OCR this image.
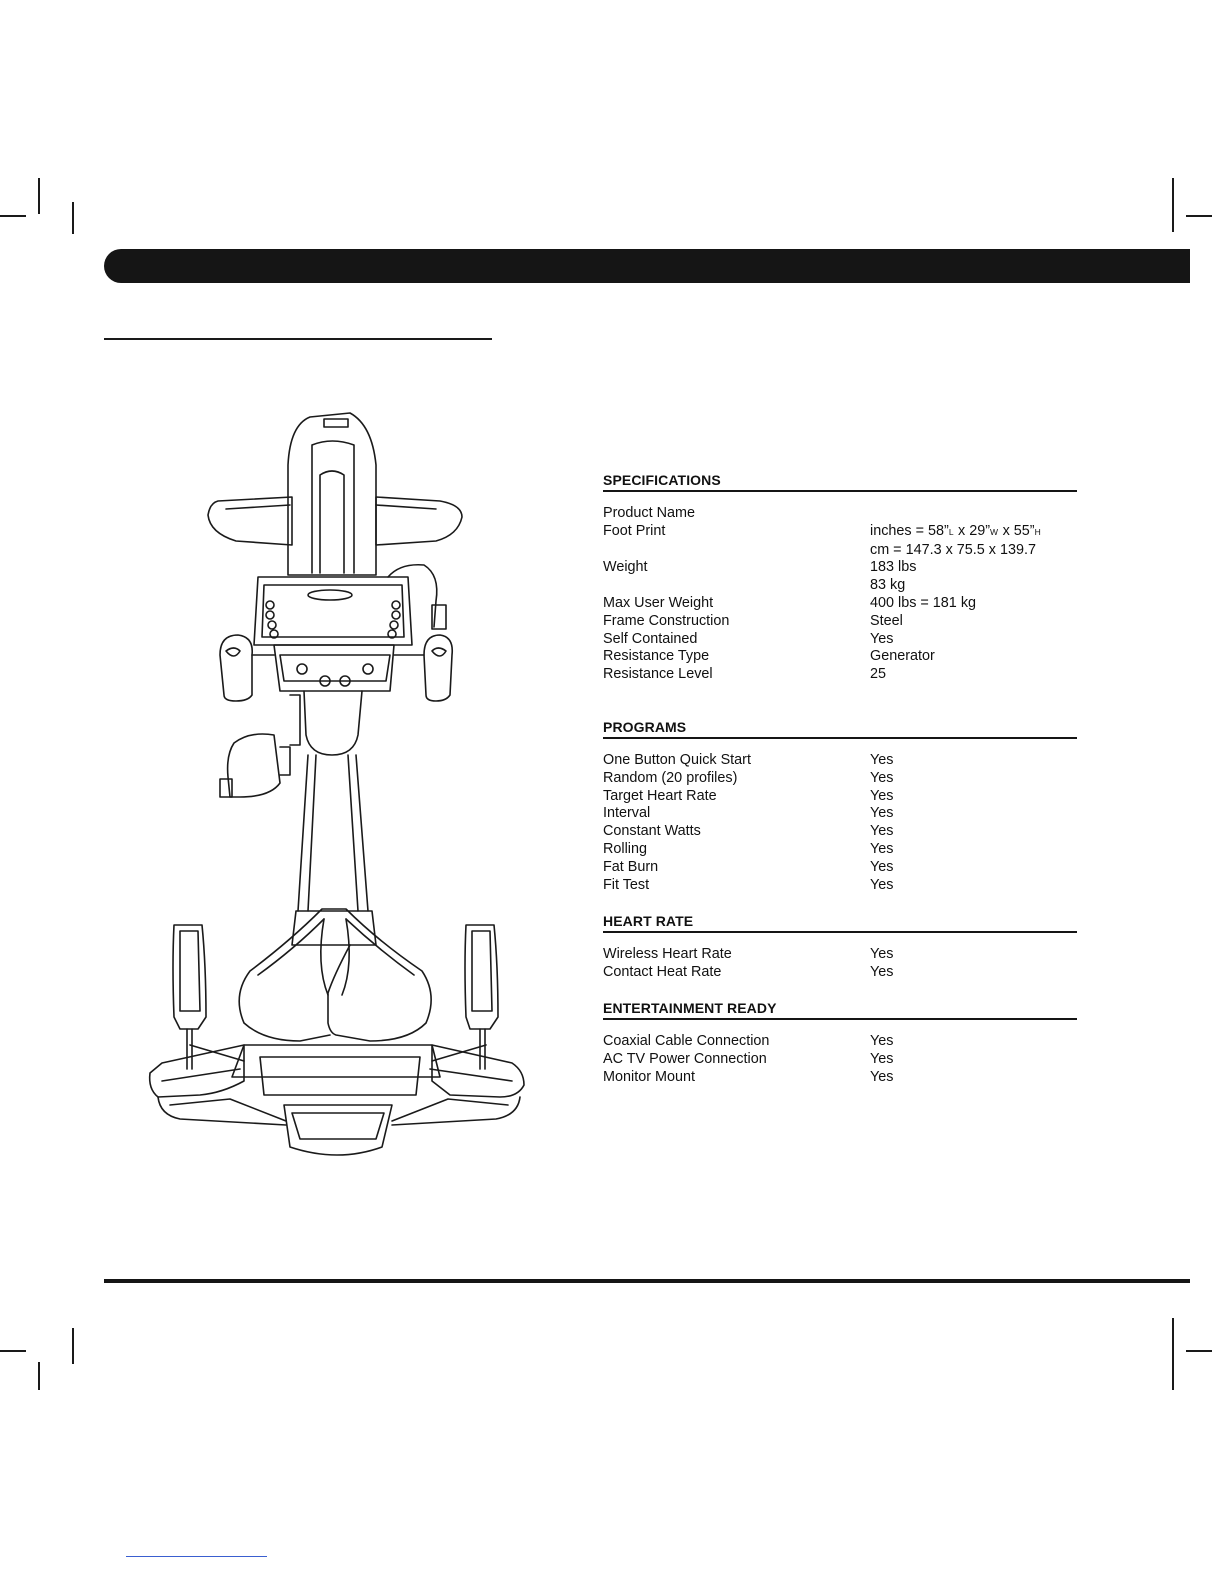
SPECIFICATIONS
Product Name
Foot Print	inches = 58”L x 29”W x 55”H
cm = 147.3 x 75.5 x 139.7
Weight	183 lbs
83 kg
Max User Weight	400 lbs = 181 kg
Frame Construction	Steel
Self Contained	Yes
Resistance Type	Generator
Resistance Level	25
PROGRAMS
One Button Quick Start	Yes
Random (20 profiles)	Yes
Target Heart Rate	Yes
Interval	Yes
Constant Watts	Yes
Rolling	Yes
Fat Burn	Yes
Fit Test	Yes
HEART RATE
Wireless Heart Rate	Yes
Contact Heat Rate	Yes
ENTERTAINMENT READY
Coaxial Cable Connection	Yes
AC TV Power Connection	Yes
Monitor Mount	Yes
